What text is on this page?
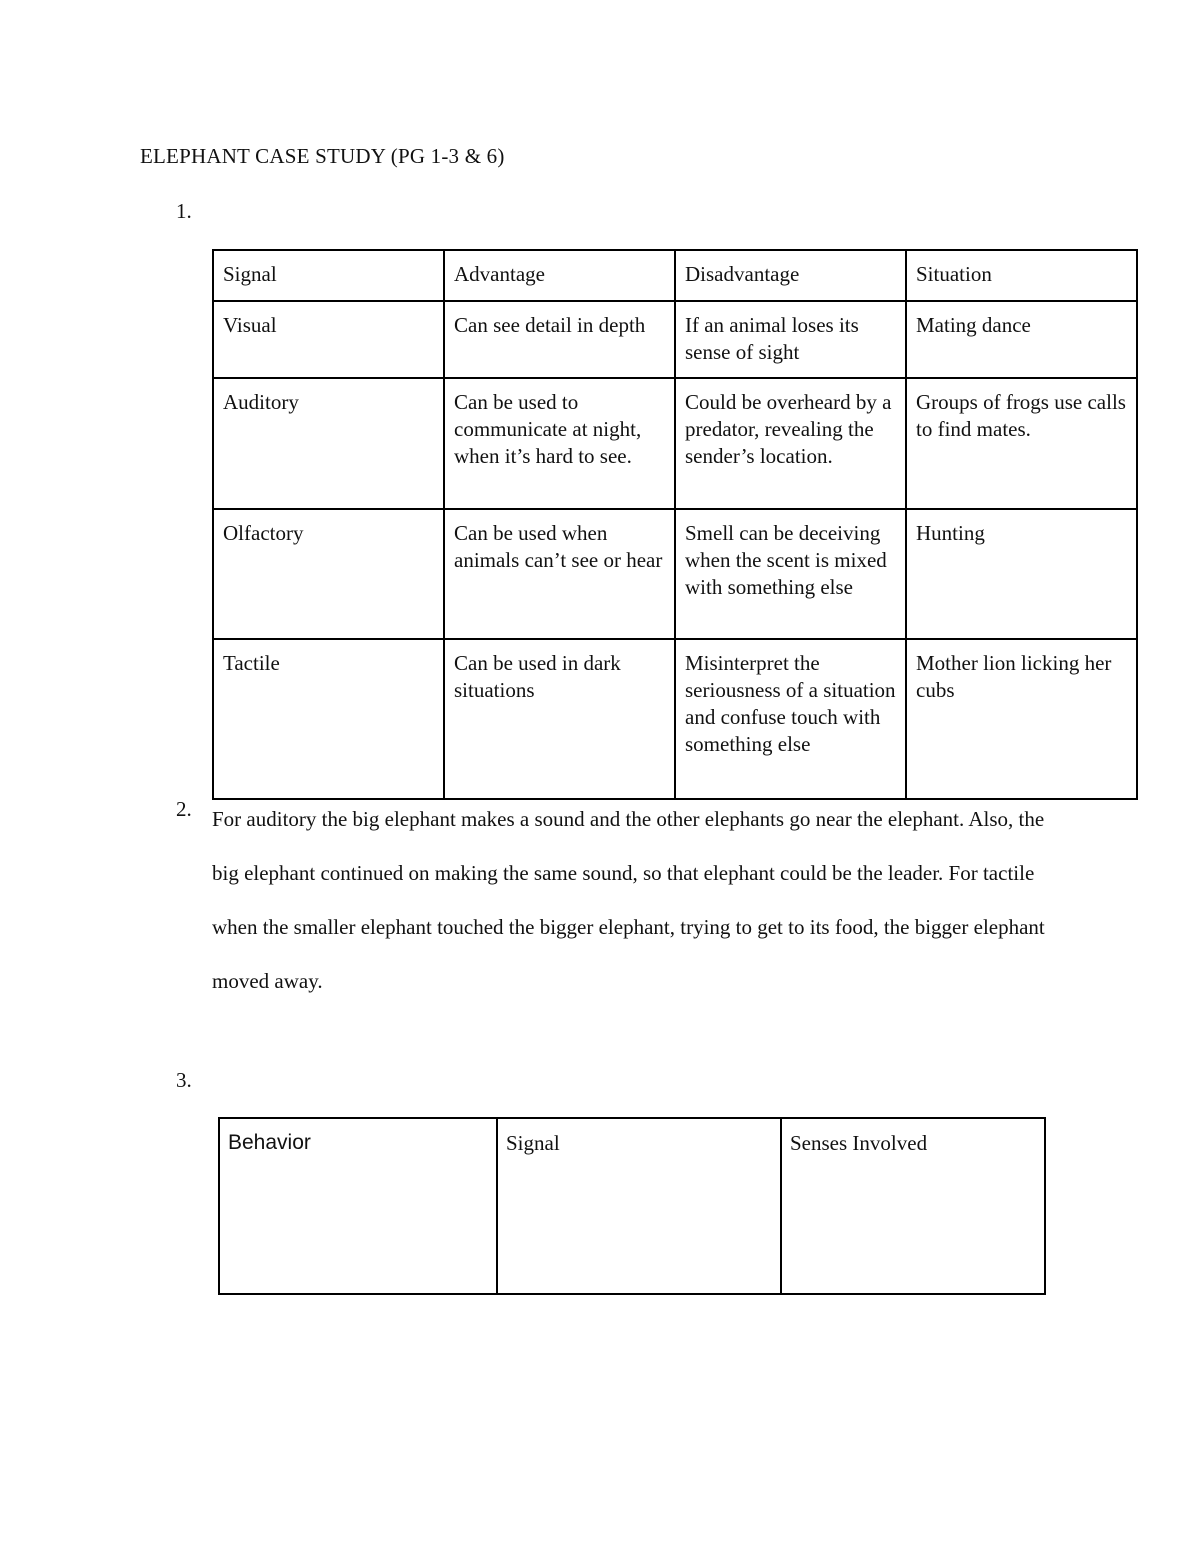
ELEPHANT CASE STUDY (PG 1-3 & 6)
1.
Signal	Advantage	Disadvantage	Situation
Visual	Can see detail in depth	If an animal loses its sense of sight	Mating dance
Auditory	Can be used to communicate at night, when it’s hard to see.	Could be overheard by a predator, revealing the sender’s location.	Groups of frogs use calls to find mates.
Olfactory	Can be used when animals can’t see or hear	Smell can be deceiving when the scent is mixed with something else	Hunting
Tactile	Can be used in dark situations	Misinterpret the seriousness of a situation and confuse touch with something else	Mother lion licking her cubs
2. For auditory the big elephant makes a sound and the other elephants go near the elephant. Also, the big elephant continued on making the same sound, so that elephant could be the leader. For tactile when the smaller elephant touched the bigger elephant, trying to get to its food, the bigger elephant moved away.
3.
Behavior	Signal	Senses Involved
